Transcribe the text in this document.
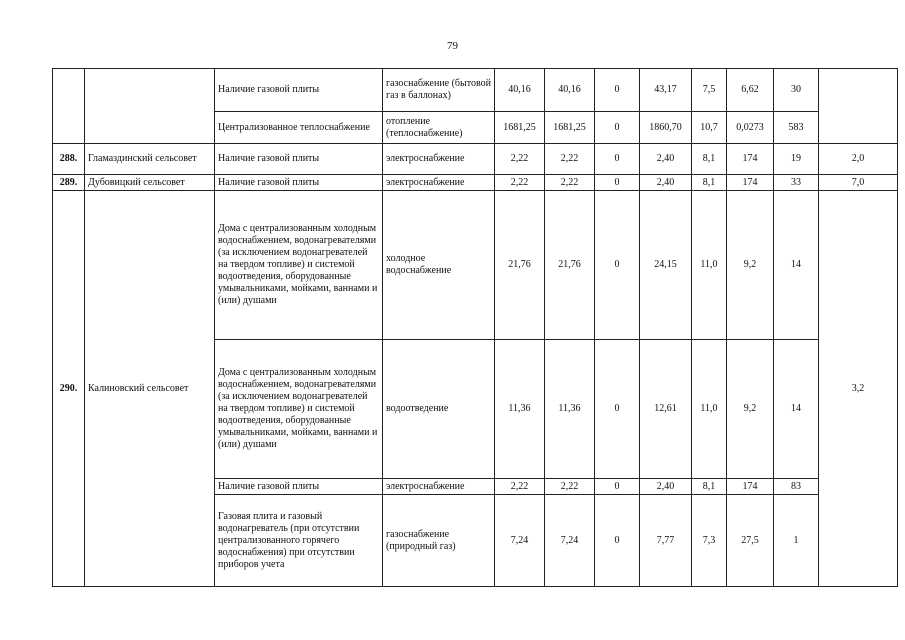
79
		Наличие газовой плиты	газоснабжение (бытовой газ в баллонах)	40,16	40,16	0	43,17	7,5	6,62	30	
		Централизованное теплоснабжение	отопление (теплоснабжение)	1681,25	1681,25	0	1860,70	10,7	0,0273	583	
288.	Гламаздинский сельсовет	Наличие газовой плиты	электроснабжение	2,22	2,22	0	2,40	8,1	174	19	2,0
289.	Дубовицкий сельсовет	Наличие газовой плиты	электроснабжение	2,22	2,22	0	2,40	8,1	174	33	7,0
290.	Калиновский сельсовет	Дома с централизованным холодным водоснабжением, водонагревателями (за исключением водонагревателей на твердом топливе) и системой водоотведения, оборудованные умывальниками, мойками, ваннами и (или) душами	холодное водоснабжение	21,76	21,76	0	24,15	11,0	9,2	14	3,2
		Дома с централизованным холодным водоснабжением, водонагревателями (за исключением водонагревателей на твердом топливе) и системой водоотведения, оборудованные умывальниками, мойками, ваннами и (или) душами	водоотведение	11,36	11,36	0	12,61	11,0	9,2	14	
		Наличие газовой плиты	электроснабжение	2,22	2,22	0	2,40	8,1	174	83	
		Газовая плита и газовый водонагреватель (при отсутствии централизованного горячего водоснабжения) при отсутствии приборов учета	газоснабжение (природный газ)	7,24	7,24	0	7,77	7,3	27,5	1	
